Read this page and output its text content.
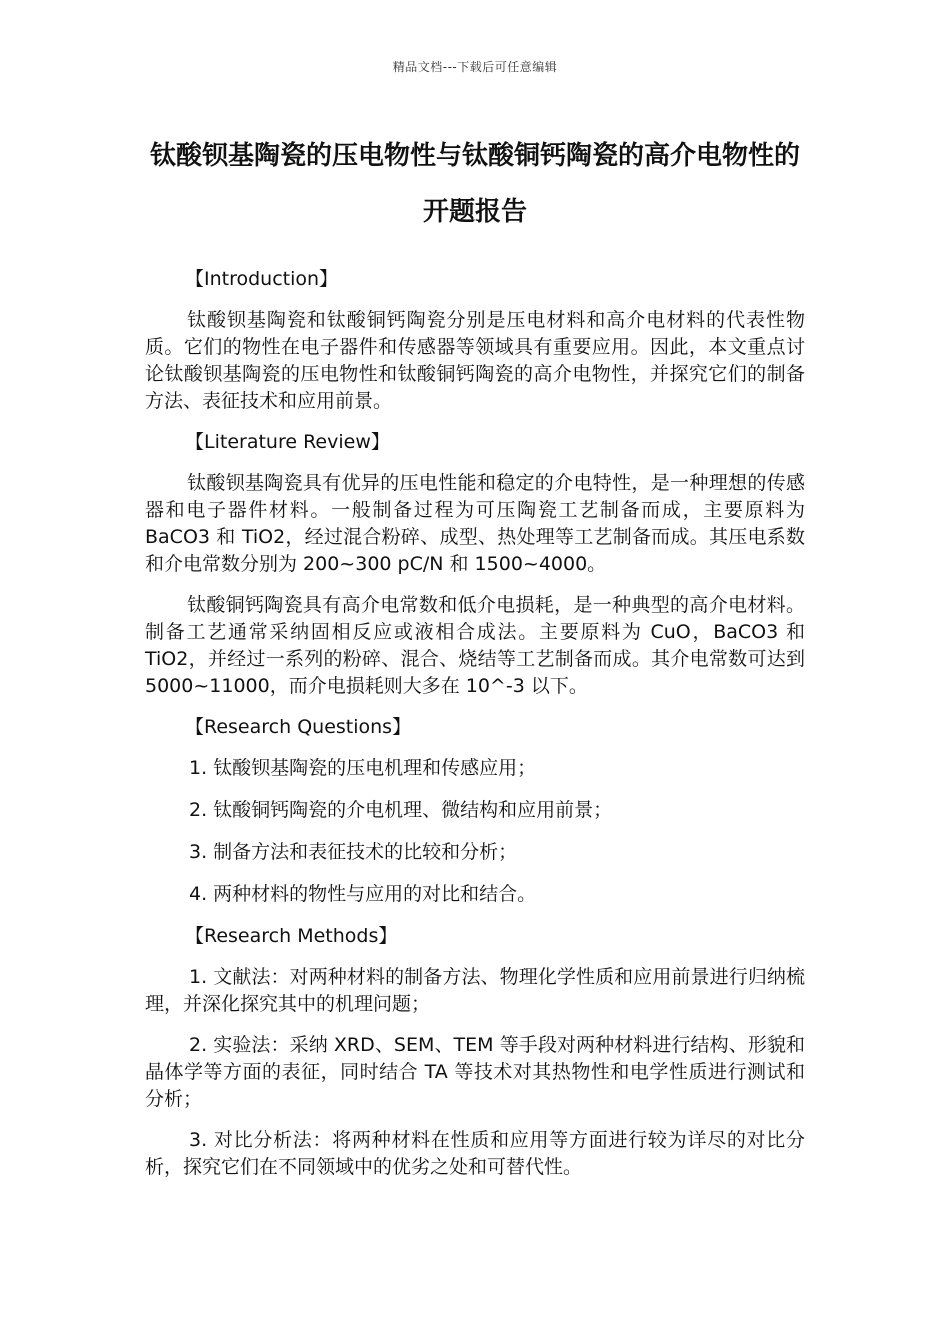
精品文档---下载后可任意编辑
钛酸钡基陶瓷的压电物性与钛酸铜钙陶瓷的高介电物性的开题报告
【Introduction】

钛酸钡基陶瓷和钛酸铜钙陶瓷分别是压电材料和高介电材料的代表性物质。它们的物性在电子器件和传感器等领域具有重要应用。因此，本文重点讨论钛酸钡基陶瓷的压电物性和钛酸铜钙陶瓷的高介电物性，并探究它们的制备方法、表征技术和应用前景。

【Literature Review】

钛酸钡基陶瓷具有优异的压电性能和稳定的介电特性，是一种理想的传感器和电子器件材料。一般制备过程为可压陶瓷工艺制备而成，主要原料为 BaCO3 和 TiO2，经过混合粉碎、成型、热处理等工艺制备而成。其压电系数和介电常数分别为 200~300 pC/N 和 1500~4000。

钛酸铜钙陶瓷具有高介电常数和低介电损耗，是一种典型的高介电材料。制备工艺通常采纳固相反应或液相合成法。主要原料为 CuO，BaCO3 和 TiO2，并经过一系列的粉碎、混合、烧结等工艺制备而成。其介电常数可达到 5000~11000，而介电损耗则大多在 10^-3 以下。

【Research Questions】
1. 钛酸钡基陶瓷的压电机理和传感应用；
2. 钛酸铜钙陶瓷的介电机理、微结构和应用前景；
3. 制备方法和表征技术的比较和分析；
4. 两种材料的物性与应用的对比和结合。
【Research Methods】

1. 文献法：对两种材料的制备方法、物理化学性质和应用前景进行归纳梳理，并深化探究其中的机理问题；

2. 实验法：采纳 XRD、SEM、TEM 等手段对两种材料进行结构、形貌和晶体学等方面的表征，同时结合 TA 等技术对其热物性和电学性质进行测试和分析；

3. 对比分析法：将两种材料在性质和应用等方面进行较为详尽的对比分析，探究它们在不同领域中的优劣之处和可替代性。
